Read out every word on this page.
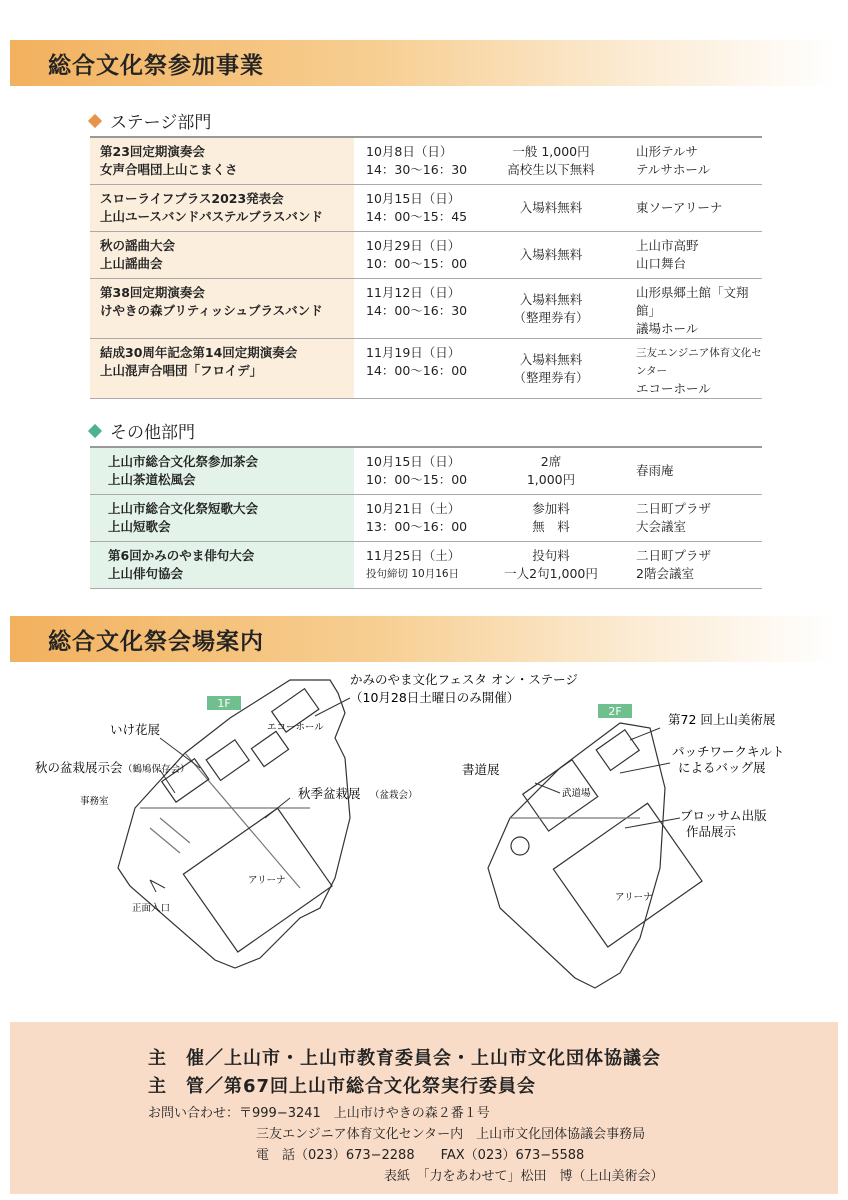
総合文化祭参加事業
ステージ部門
第23回定期演奏会
女声合唱団上山こまくさ
10月8日（日）
14：30～16：30
一般 1,000円
高校生以下無料
山形テルサ
テルサホール
スローライフブラス2023発表会
上山ユースバンドパステルブラスバンド
10月15日（日）
14：00～15：45
入場料無料	東ソーアリーナ
秋の謡曲大会
上山謡曲会
10月29日（日）
10：00～15：00
入場料無料
上山市高野
山口舞台
第38回定期演奏会
けやきの森ブリティッシュブラスバンド
11月12日（日）
14：00～16：30
入場料無料
（整理券有）
山形県郷土館「文翔館」
議場ホール
結成30周年記念第14回定期演奏会
上山混声合唱団「フロイデ」
11月19日（日）
14：00～16：00
入場料無料
（整理券有）
三友エンジニア体育文化センター
エコーホール
その他部門
上山市総合文化祭参加茶会
上山茶道松風会
10月15日（日）
10：00～15：00
2席
1,000円
春雨庵
上山市総合文化祭短歌大会
上山短歌会
10月21日（土）
13：00～16：00
参加料
無　料
二日町プラザ
大会議室
第6回かみのやま俳句大会
上山俳句協会
11月25日（土）
投句締切 10月16日
投句料
一人2句1,000円
二日町プラザ
2階会議室
総合文化祭会場案内
1F
2F
かみのやま文化フェスタ オン・ステージ
（10月28日土曜日のみ開催）
いけ花展
秋の盆栽展示会 （鶴鳩保存会）
事務室
秋季盆栽展 （盆栽会）
正面入口
エコーホール
アリーナ
書道展
武道場
第72 回上山美術展
パッチワークキルト
によるバッグ展
ブロッサム出版
作品展示
アリーナ
主　催／上山市・上山市教育委員会・上山市文化団体協議会
主　管／第67回上山市総合文化祭実行委員会
お問い合わせ：〒999−3241　上山市けやきの森２番１号
三友エンジニア体育文化センター内　上山市文化団体協議会事務局
電　話（023）673−2288　　FAX（023）673−5588
表紙　「力をあわせて」松田　博（上山美術会）
